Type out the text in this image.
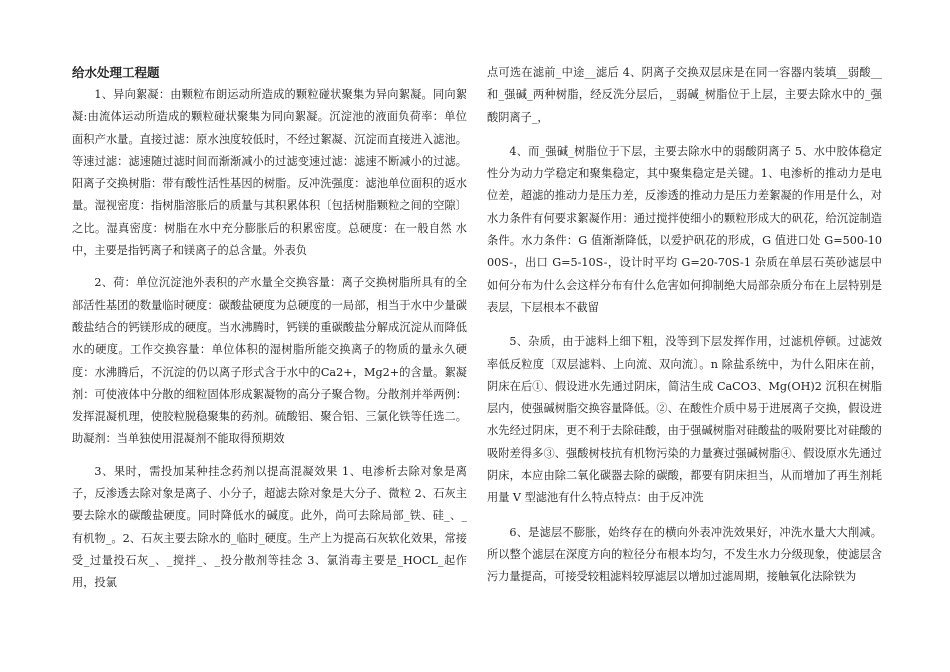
给水处理工程题

1、异向絮凝：由颗粒布朗运动所造成的颗粒碰状聚集为异向絮凝。同向絮凝:由流体运动所造成的颗粒碰状聚集为同向絮凝。沉淀池的液面负荷率：单位面积产水量。直接过滤：原水浊度较低时，不经过絮凝、沉淀而直接进入滤池。等速过滤：滤速随过滤时间而渐渐减小的过滤变速过滤：滤速不断减小的过滤。阳离子交换树脂：带有酸性活性基因的树脂。反冲洗强度：滤池单位面积的返水量。湿视密度：指树脂溶胀后的质量与其积累体积〔包括树脂颗粒之间的空隙〕之比。湿真密度：树脂在水中充分膨胀后的积累密度。总硬度：在一般自然 水中，主要是指钙离子和镁离子的总含量。外表负

2、荷：单位沉淀池外表积的产水量全交换容量：离子交换树脂所具有的全部活性基团的数量临时硬度：碳酸盐硬度为总硬度的一局部，相当于水中少量碳酸盐结合的钙镁形成的硬度。当水沸腾时，钙镁的重碳酸盐分解成沉淀从而降低水的硬度。工作交换容量：单位体积的湿树脂所能交换离子的物质的量永久硬度：水沸腾后，不沉淀的仍以离子形式含于水中的Ca2+，Mg2+的含量。絮凝剂：可使液体中分散的细粒固体形成絮凝物的高分子聚合物。分散剂并举两例：发挥混凝机理，使胶粒脱稳聚集的药剂。硫酸铝、聚合铝、三氯化铁等任选二。助凝剂：当单独使用混凝剂不能取得预期效

3、果时，需投加某种挂念药剂以提高混凝效果 1、电渗析去除对象是离子，反渗透去除对象是离子、小分子，超滤去除对象是大分子、微粒 2、石灰主要去除水的碳酸盐硬度。同时降低水的碱度。此外，尚可去除局部_铁、硅_、_有机物_。2、石灰主要去除水的_临时_硬度。生产上为提高石灰软化效果，常接受_过量投石灰_、_搅拌_、_投分散剂等挂念 3、氯消毒主要是_HOCL_起作用，投氯

点可选在滤前_中途__滤后 4、阴离子交换双层床是在同一容器内装填__弱酸__和_强碱_两种树脂，经反洗分层后，_弱碱_树脂位于上层，主要去除水中的_强酸阴离子_，

4、而_强碱_树脂位于下层，主要去除水中的弱酸阴离子 5、水中胶体稳定性分为动力学稳定和聚集稳定，其中聚集稳定是关键。1、电渗析的推动力是电位差，超滤的推动力是压力差，反渗透的推动力是压力差絮凝的作用是什么，对水力条件有何要求絮凝作用：通过搅拌使细小的颗粒形成大的矾花，给沉淀制造条件。水力条件：G 值渐渐降低，以爱护矾花的形成，G 值进口处 G=500-1000S-，出口 G=5-10S-，设计时平均 G=20-70S-1 杂质在单层石英砂滤层中如何分布为什么会这样分布有什么危害如何抑制绝大局部杂质分布在上层特别是表层，下层根本不截留

5、杂质，由于滤料上细下粗，没等到下层发挥作用，过滤机停顿。过滤效率低反粒度〔双层滤料、上向流、双向流〕。n 除盐系统中，为什么阳床在前，阴床在后①、假设进水先通过阴床，简洁生成 CaCO3、Mg(OH)2 沉积在树脂层内，使强碱树脂交换容量降低。②、在酸性介质中易于进展离子交换，假设进水先经过阴床，更不利于去除硅酸，由于强碱树脂对硅酸盐的吸附要比对硅酸的吸附差得多③、强酸树枝抗有机物污染的力量赛过强碱树脂④、假设原水先通过阴床，本应由除二氧化碳器去除的碳酸，都要有阴床担当，从而增加了再生剂耗用量 V 型滤池有什么特点特点：由于反冲洗

6、是滤层不膨胀，始终存在的横向外表冲洗效果好，冲洗水量大大削减。所以整个滤层在深度方向的粒径分布根本均匀，不发生水力分级现象，使滤层含污力量提高，可接受较粗滤料较厚滤层以增加过滤周期，接触氧化法除铁为
